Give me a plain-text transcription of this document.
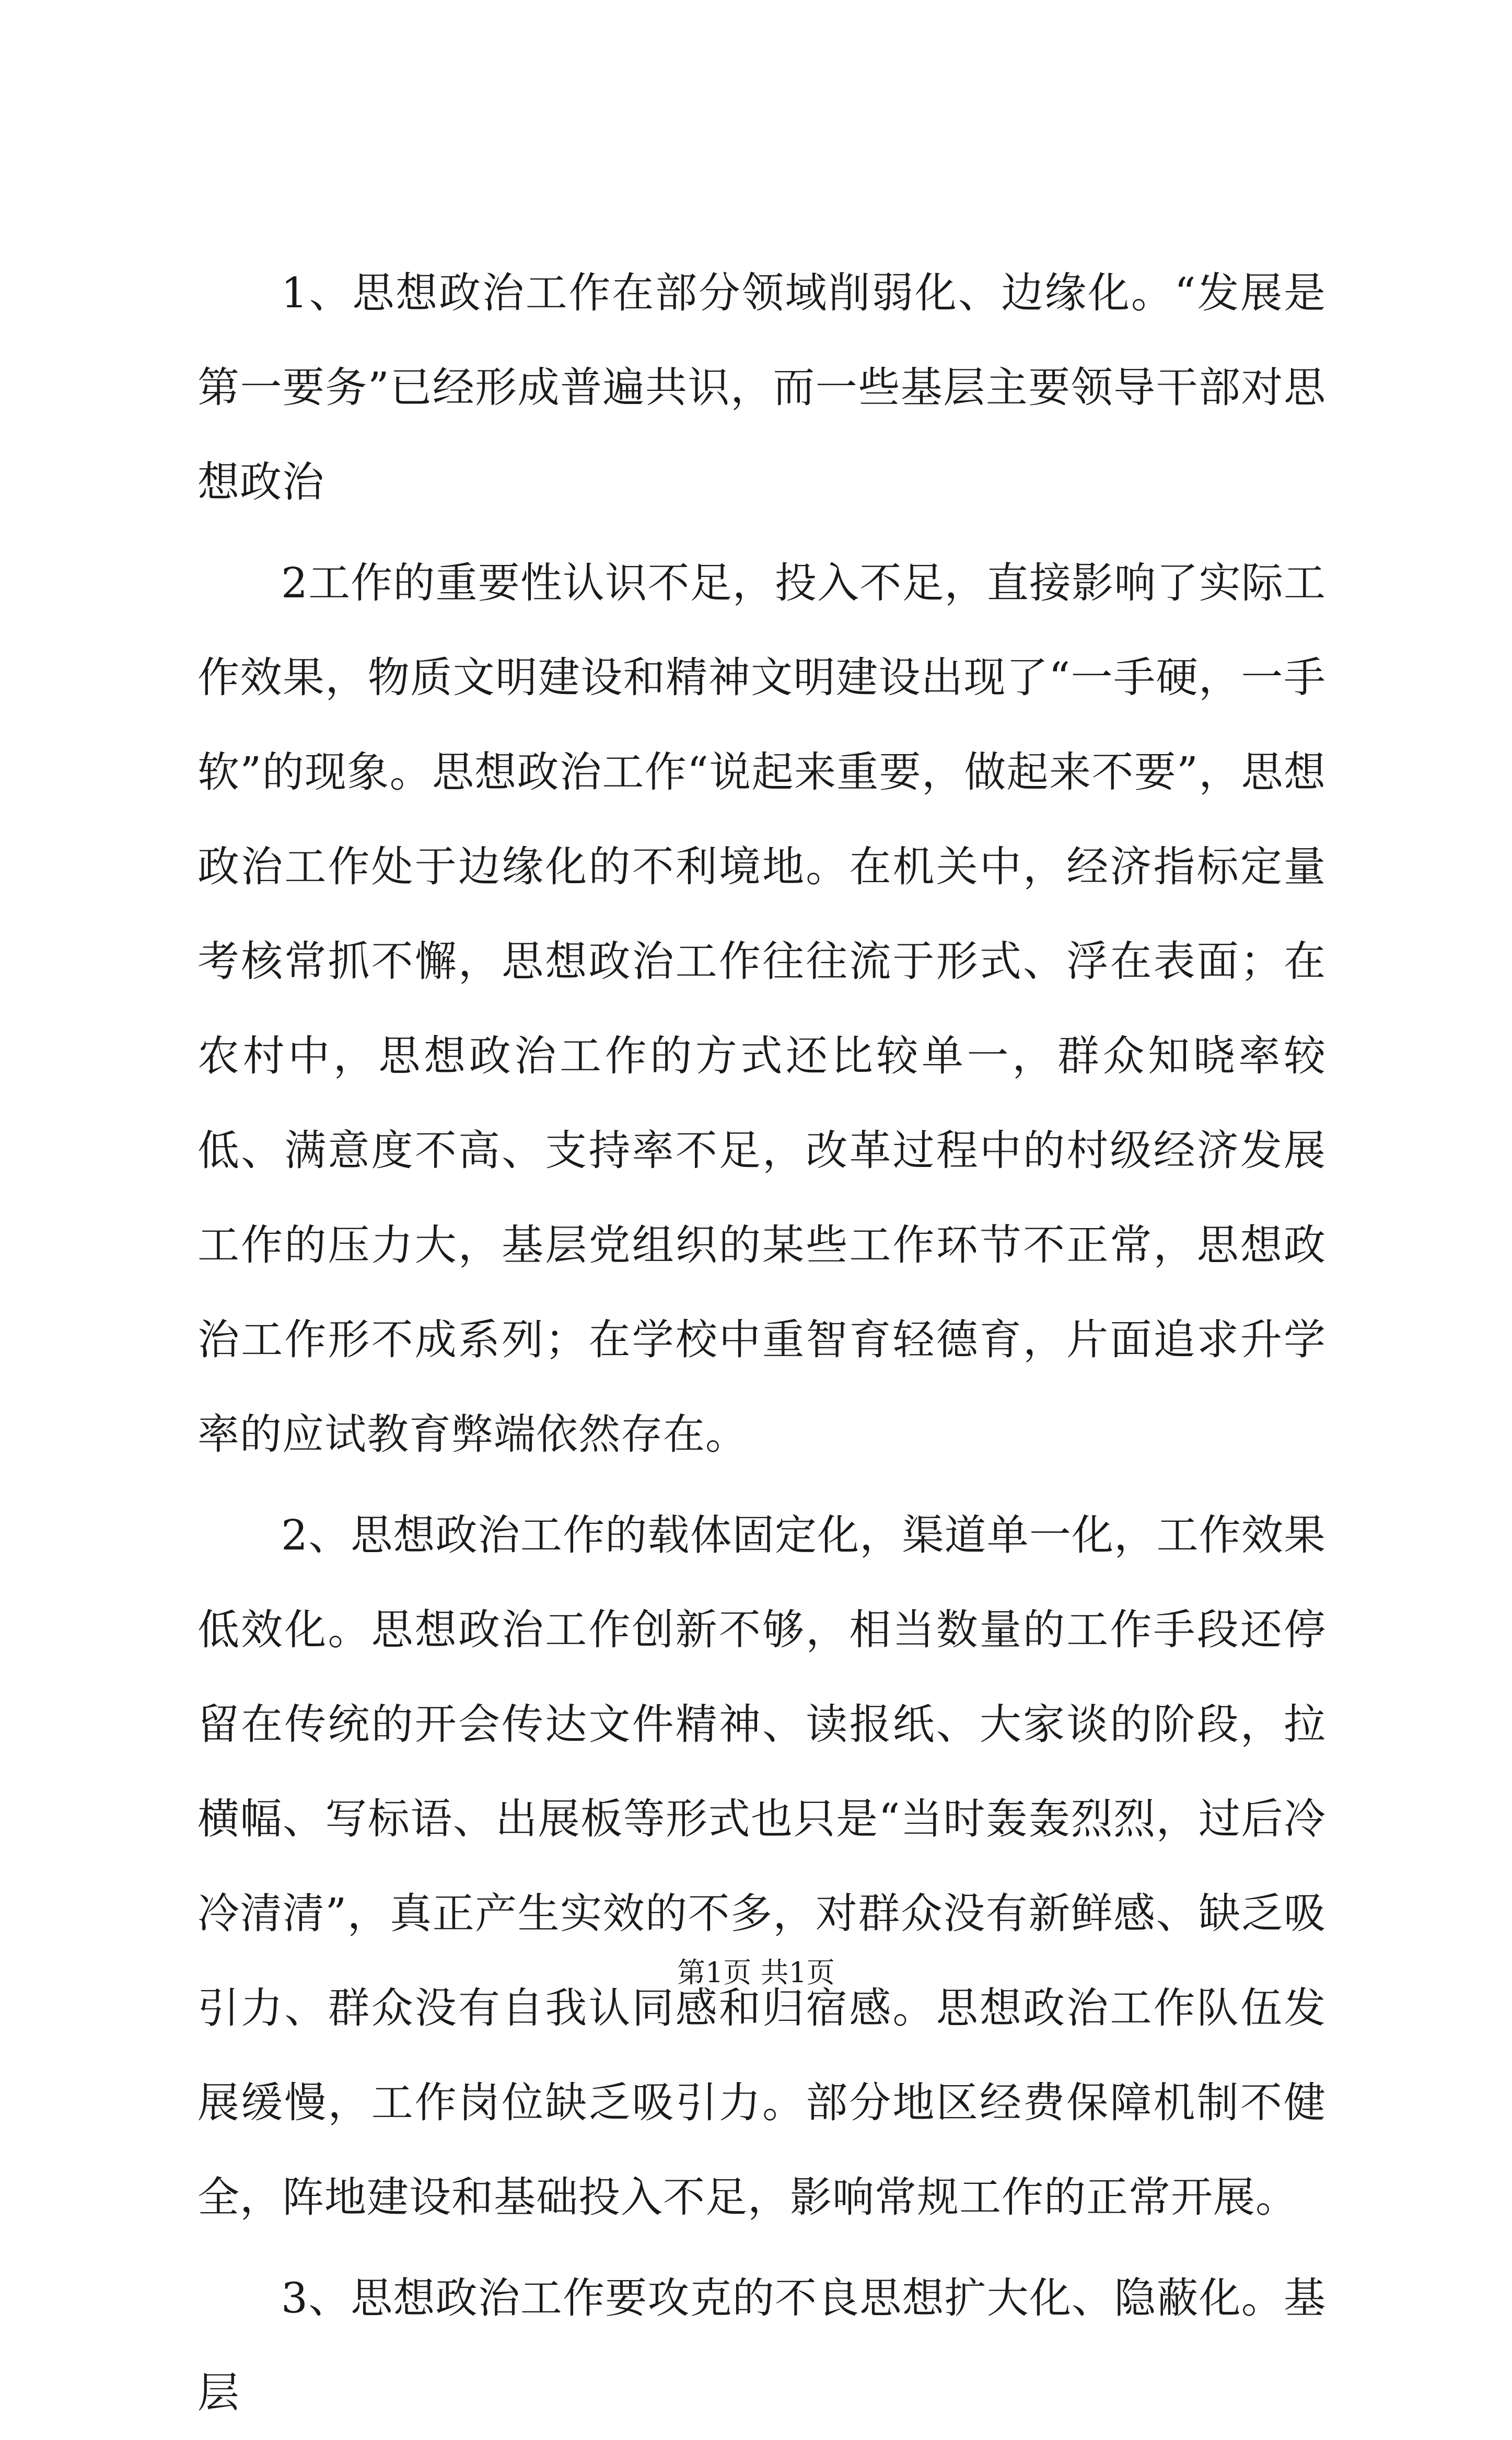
1、思想政治工作在部分领域削弱化、边缘化。“发展是第一要务”已经形成普遍共识，而一些基层主要领导干部对思想政治

2工作的重要性认识不足，投入不足，直接影响了实际工作效果，物质文明建设和精神文明建设出现了“一手硬，一手软”的现象。思想政治工作“说起来重要，做起来不要”，思想政治工作处于边缘化的不利境地。在机关中，经济指标定量考核常抓不懈，思想政治工作往往流于形式、浮在表面；在农村中，思想政治工作的方式还比较单一，群众知晓率较低、满意度不高、支持率不足，改革过程中的村级经济发展工作的压力大，基层党组织的某些工作环节不正常，思想政治工作形不成系列；在学校中重智育轻德育，片面追求升学率的应试教育弊端依然存在。

2、思想政治工作的载体固定化，渠道单一化，工作效果低效化。思想政治工作创新不够，相当数量的工作手段还停留在传统的开会传达文件精神、读报纸、大家谈的阶段，拉横幅、写标语、出展板等形式也只是“当时轰轰烈烈，过后冷冷清清”，真正产生实效的不多，对群众没有新鲜感、缺乏吸引力、群众没有自我认同感和归宿感。思想政治工作队伍发展缓慢，工作岗位缺乏吸引力。部分地区经费保障机制不健全，阵地建设和基础投入不足，影响常规工作的正常开展。

3、思想政治工作要攻克的不良思想扩大化、隐蔽化。基层

第1页 共1页
